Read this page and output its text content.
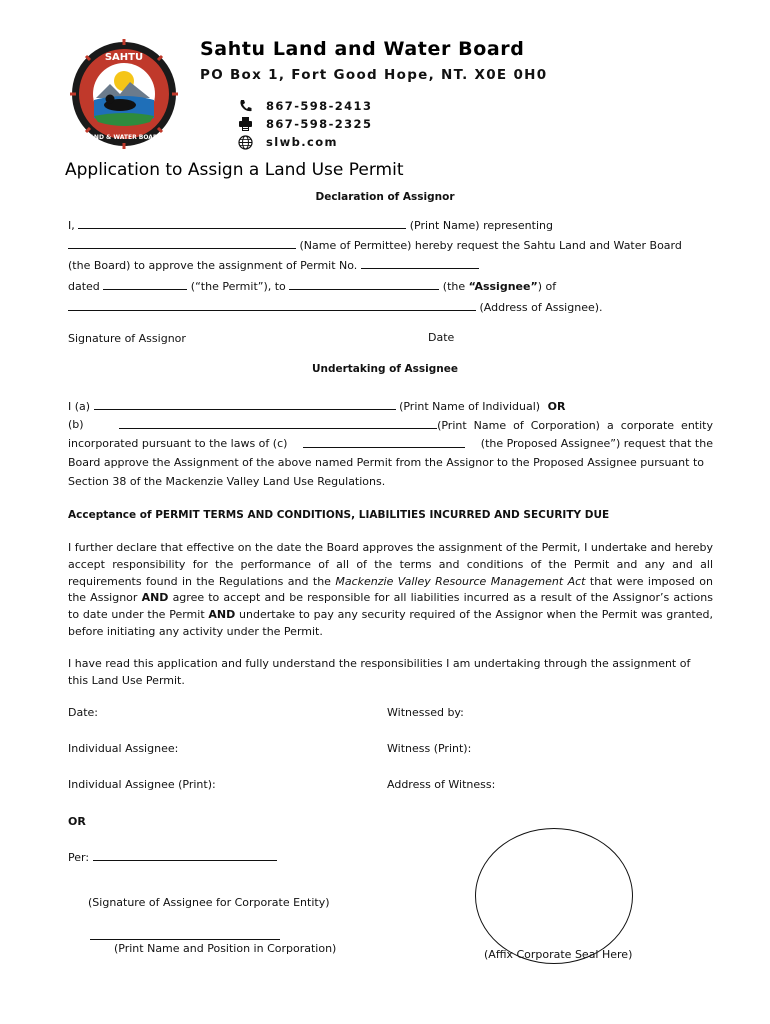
SAHTU
LAND & WATER BOARD
Sahtu Land and Water Board
PO Box 1, Fort Good Hope, NT. X0E 0H0
867-598-2413
867-598-2325
slwb.com
Application to Assign a Land Use Permit
Declaration of Assignor
I,	(Print Name) representing
(Name of Permittee) hereby request the Sahtu Land and Water Board
(the Board) to approve the assignment of Permit No.
dated	(“the Permit”), to	(the “Assignee”) of
(Address of Assignee).
Signature of Assignor	Date
Undertaking of Assignee
I (a)	(Print Name of Individual) OR
(b)	(Print  Name  of  Corporation)  a  corporate  entity
incorporated pursuant to the laws of (c)	(the Proposed Assignee”) request that the
Board approve the Assignment of the above named Permit from the Assignor to the Proposed Assignee pursuant to
Section 38 of the Mackenzie Valley Land Use Regulations.
Acceptance of PERMIT TERMS AND CONDITIONS, LIABILITIES INCURRED AND SECURITY DUE
I further declare that effective on the date the Board approves the assignment of the Permit, I undertake and hereby accept responsibility for the performance of all of the terms and conditions of the Permit and any and all requirements found in the Regulations and the Mackenzie Valley Resource Management Act that were imposed on the Assignor AND agree to accept and be responsible for all liabilities incurred as a result of the Assignor’s actions to date under the Permit AND undertake to pay any security required of the Assignor when the Permit was granted, before initiating any activity under the Permit.
I have read this application and fully understand the responsibilities I am undertaking through the assignment of this Land Use Permit.
Date:	Witnessed by:
Individual Assignee:	Witness (Print):
Individual Assignee (Print):	Address of Witness:
OR
Per:
(Signature of Assignee for Corporate Entity)
(Print Name and Position in Corporation)	(Affix Corporate Seal Here)
